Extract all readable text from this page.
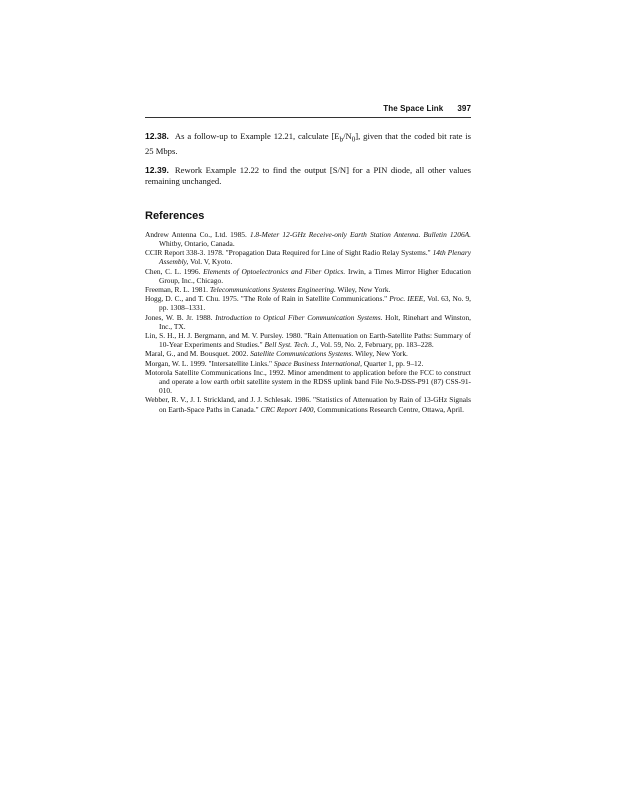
The Space Link 397

12.38. As a follow-up to Example 12.21, calculate $[E_b/N_0]$, given that the coded bit rate is 25 Mbps.

12.39. Rework Example 12.22 to find the output [S/N] for a PIN diode, all other values remaining unchanged.

References
Andrew Antenna Co., Ltd. 1985. 1.8-Meter 12-GHz Receive-only Earth Station Antenna. Bulletin 1206A. Whitby, Ontario, Canada.
CCIR Report 338-3. 1978. "Propagation Data Required for Line of Sight Radio Relay Systems." 14th Plenary Assembly, Vol. V, Kyoto.
Chen, C. L. 1996. Elements of Optoelectronics and Fiber Optics. Irwin, a Times Mirror Higher Education Group, Inc., Chicago.
Freeman, R. L. 1981. Telecommunications Systems Engineering. Wiley, New York.
Hogg, D. C., and T. Chu. 1975. "The Role of Rain in Satellite Communications." Proc. IEEE, Vol. 63, No. 9, pp. 1308–1331.
Jones, W. B. Jr. 1988. Introduction to Optical Fiber Communication Systems. Holt, Rinehart and Winston, Inc., TX.
Lin, S. H., H. J. Bergmann, and M. V. Pursley. 1980. "Rain Attenuation on Earth-Satellite Paths: Summary of 10-Year Experiments and Studies." Bell Syst. Tech. J., Vol. 59, No. 2, February, pp. 183–228.
Maral, G., and M. Bousquet. 2002. Satellite Communications Systems. Wiley, New York.
Morgan, W. L. 1999. "Intersatellite Links." Space Business International, Quarter 1, pp. 9–12.
Motorola Satellite Communications Inc., 1992. Minor amendment to application before the FCC to construct and operate a low earth orbit satellite system in the RDSS uplink band File No.9-DSS-P91 (87) CSS-91-010.
Webber, R. V., J. I. Strickland, and J. J. Schlesak. 1986. "Statistics of Attenuation by Rain of 13-GHz Signals on Earth-Space Paths in Canada." CRC Report 1400, Communications Research Centre, Ottawa, April.
